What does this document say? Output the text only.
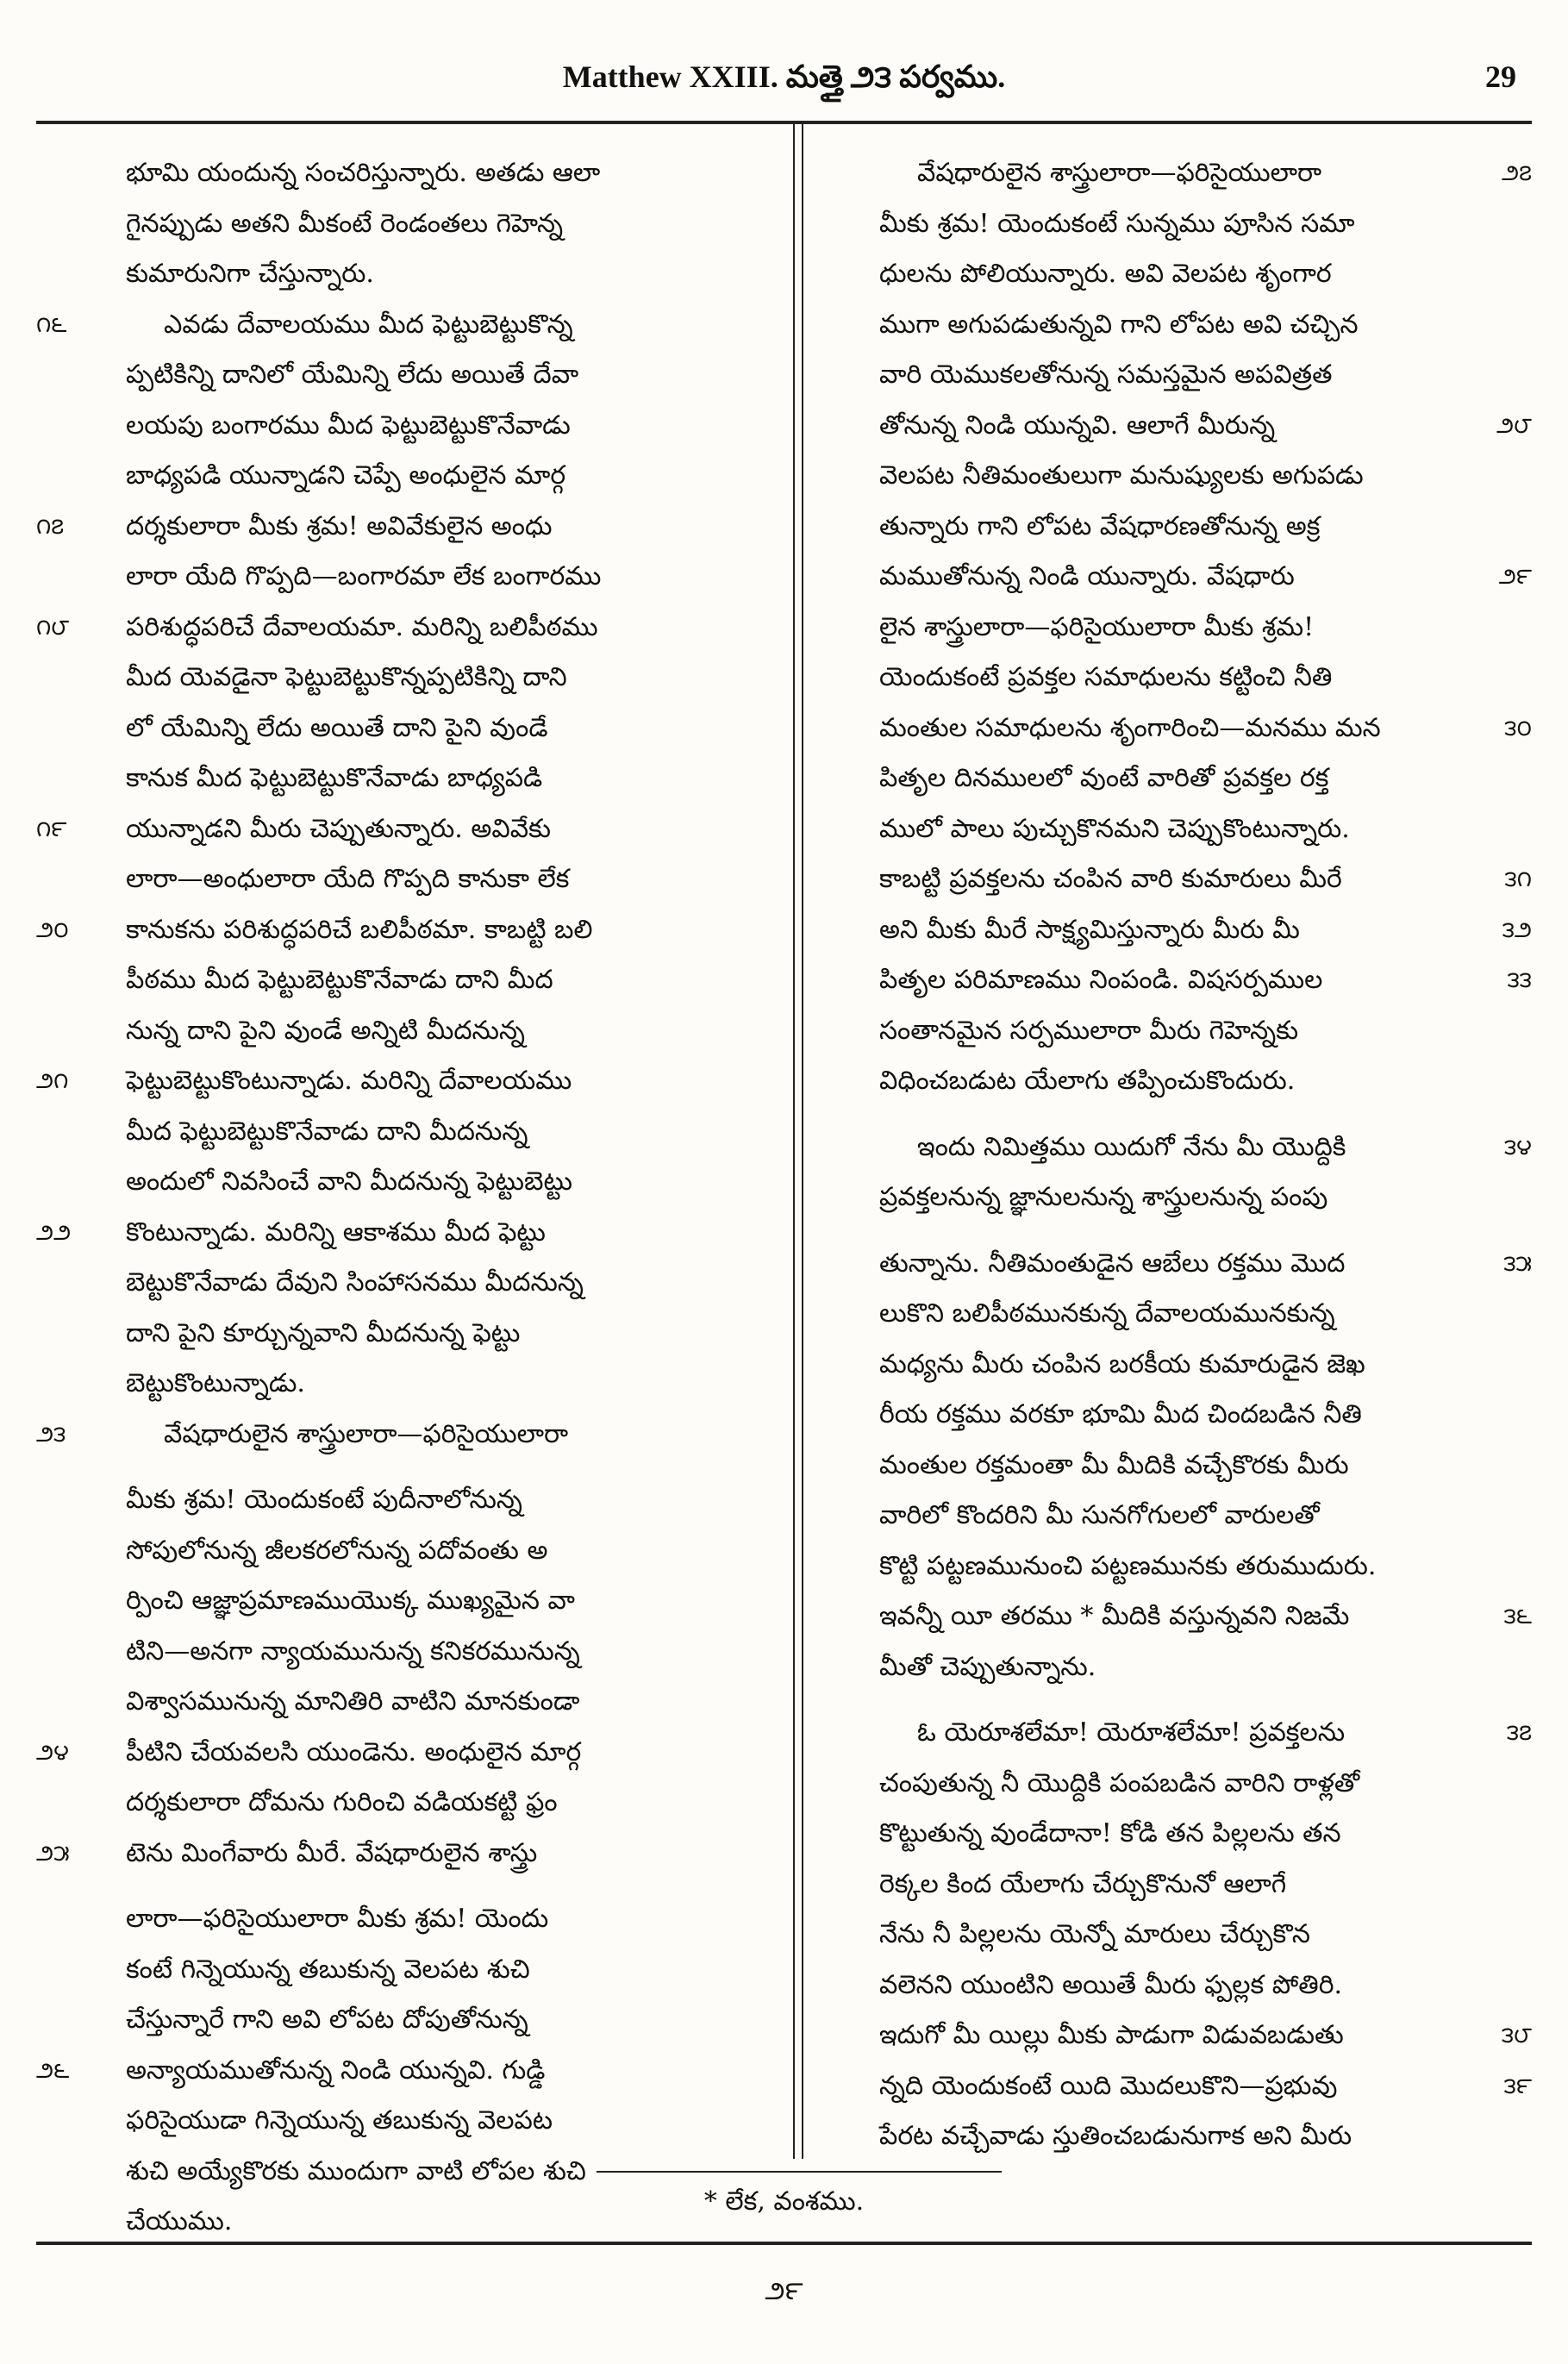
Matthew XXIII. మత్తై ౨౩ పర్వము.	29
భూమి యందున్న సంచరిస్తున్నారు. అతడు ఆలా
గైనప్పుడు అతని మీకంటే రెండంతలు గెహెన్న
కుమారునిగా చేస్తున్నారు.
౧౬	ఎవడు దేవాలయము మీద ఫెట్టుబెట్టుకొన్న
ప్పటికిన్ని దానిలో యేమిన్ని లేదు అయితే దేవా
లయపు బంగారము మీద ఫెట్టుబెట్టుకొనేవాడు
బాధ్యపడి యున్నాడని చెప్పే అంధులైన మార్గ
౧౭	దర్శకులారా మీకు శ్రమ! అవివేకులైన అంధు
లారా యేది గొప్పది—బంగారమా లేక బంగారము
౧౮	పరిశుద్ధపరిచే దేవాలయమా. మరిన్ని బలిపీఠము
మీద యెవడైనా ఫెట్టుబెట్టుకొన్నప్పటికిన్ని దాని
లో యేమిన్ని లేదు అయితే దాని పైని వుండే
కానుక మీద ఫెట్టుబెట్టుకొనేవాడు బాధ్యపడి
౧౯	యున్నాడని మీరు చెప్పుతున్నారు. అవివేకు
లారా—అంధులారా యేది గొప్పది కానుకా లేక
౨౦	కానుకను పరిశుద్ధపరిచే బలిపీఠమా. కాబట్టి బలి
పీఠము మీద ఫెట్టుబెట్టుకొనేవాడు దాని మీద
నున్న దాని పైని వుండే అన్నిటి మీదనున్న
౨౧	ఫెట్టుబెట్టుకొంటున్నాడు. మరిన్ని దేవాలయము
మీద ఫెట్టుబెట్టుకొనేవాడు దాని మీదనున్న
అందులో నివసించే వాని మీదనున్న ఫెట్టుబెట్టు
౨౨	కొంటున్నాడు. మరిన్ని ఆకాశము మీద ఫెట్టు
బెట్టుకొనేవాడు దేవుని సింహాసనము మీదనున్న
దాని పైని కూర్చున్నవాని మీదనున్న ఫెట్టు
బెట్టుకొంటున్నాడు.
౨౩	వేషధారులైన శాస్త్రులారా—ఫరిసైయులారా
మీకు శ్రమ! యెందుకంటే పుదీనాలోనున్న
సోపులోనున్న జీలకరలోనున్న పదోవంతు అ
ర్పించి ఆజ్ఞాప్రమాణముయొక్క ముఖ్యమైన వా
టిని—అనగా న్యాయమునున్న కనికరమునున్న
విశ్వాసమునున్న మానితిరి వాటిని మానకుండా
౨౪	పీటిని చేయవలసి యుండెను. అంధులైన మార్గ
దర్శకులారా దోమను గురించి వడియకట్టి ఫ్రం
౨౫	టెను మింగేవారు మీరే. వేషధారులైన శాస్త్రు
లారా—ఫరిసైయులారా మీకు శ్రమ! యెందు
కంటే గిన్నెయున్న తబుకున్న వెలపట శుచి
చేస్తున్నారే గాని అవి లోపట దోపుతోనున్న
౨౬	అన్యాయముతోనున్న నిండి యున్నవి. గుడ్డి
ఫరిసైయుడా గిన్నెయున్న తబుకున్న వెలపట
శుచి అయ్యేకొరకు ముందుగా వాటి లోపల శుచి
చేయుము.
౨౭
వేషధారులైన శాస్త్రులారా—ఫరిసైయులారా
మీకు శ్రమ! యెందుకంటే సున్నము పూసిన సమా
ధులను పోలియున్నారు. అవి వెలపట శృంగార
ముగా అగుపడుతున్నవి గాని లోపట అవి చచ్చిన
వారి యెముకలతోనున్న సమస్తమైన అపవిత్రత
౨౮
తోనున్న నిండి యున్నవి. ఆలాగే మీరున్న
వెలపట నీతిమంతులుగా మనుష్యులకు అగుపడు
తున్నారు గాని లోపట వేషధారణతోనున్న అక్ర
౨౯
మముతోనున్న నిండి యున్నారు. వేషధారు
లైన శాస్త్రులారా—ఫరిసైయులారా మీకు శ్రమ!
యెందుకంటే ప్రవక్తల సమాధులను కట్టించి నీతి
౩౦
మంతుల సమాధులను శృంగారించి—మనము మన
పితృల దినములలో వుంటే వారితో ప్రవక్తల రక్త
ములో పాలు పుచ్చుకొనమని చెప్పుకొంటున్నారు.
౩౧
కాబట్టి ప్రవక్తలను చంపిన వారి కుమారులు మీరే
౩౨
అని మీకు మీరే సాక్ష్యమిస్తున్నారు మీరు మీ
౩౩
పితృల పరిమాణము నింపండి. విషసర్పముల
సంతానమైన సర్పములారా మీరు గెహెన్నకు
విధించబడుట యేలాగు తప్పించుకొందురు.
౩౪
ఇందు నిమిత్తము యిదుగో నేను మీ యొద్దికి
ప్రవక్తలనున్న జ్ఞానులనున్న శాస్త్రులనున్న పంపు
౩౫
తున్నాను. నీతిమంతుడైన ఆబేలు రక్తము మొద
లుకొని బలిపీఠమునకున్న దేవాలయమునకున్న
మధ్యను మీరు చంపిన బరకీయ కుమారుడైన జెఖ
రీయ రక్తము వరకూ భూమి మీద చిందబడిన నీతి
మంతుల రక్తమంతా మీ మీదికి వచ్చేకొరకు మీరు
వారిలో కొందరిని మీ సునగోగులలో వారులతో
కొట్టి పట్టణమునుంచి పట్టణమునకు తరుముదురు.
౩౬
ఇవన్నీ యీ తరము * మీదికి వస్తున్నవని నిజమే
మీతో చెప్పుతున్నాను.
౩౭
ఓ యెరూశలేమా! యెరూశలేమా! ప్రవక్తలను
చంపుతున్న నీ యొద్దికి పంపబడిన వారిని రాళ్లతో
కొట్టుతున్న వుండేదానా! కోడి తన పిల్లలను తన
రెక్కల కింద యేలాగు చేర్చుకొనునో ఆలాగే
నేను నీ పిల్లలను యెన్నో మారులు చేర్చుకొన
వలెనని యుంటిని అయితే మీరు ఫ్పల్లక పోతిరి.
౩౮
ఇదుగో మీ యిల్లు మీకు పాడుగా విడువబడుతు
౩౯
న్నది యెందుకంటే యిది మొదలుకొని—ప్రభువు
పేరట వచ్చేవాడు స్తుతించబడునుగాక అని మీరు
* లేక, వంశము.
౨౯
